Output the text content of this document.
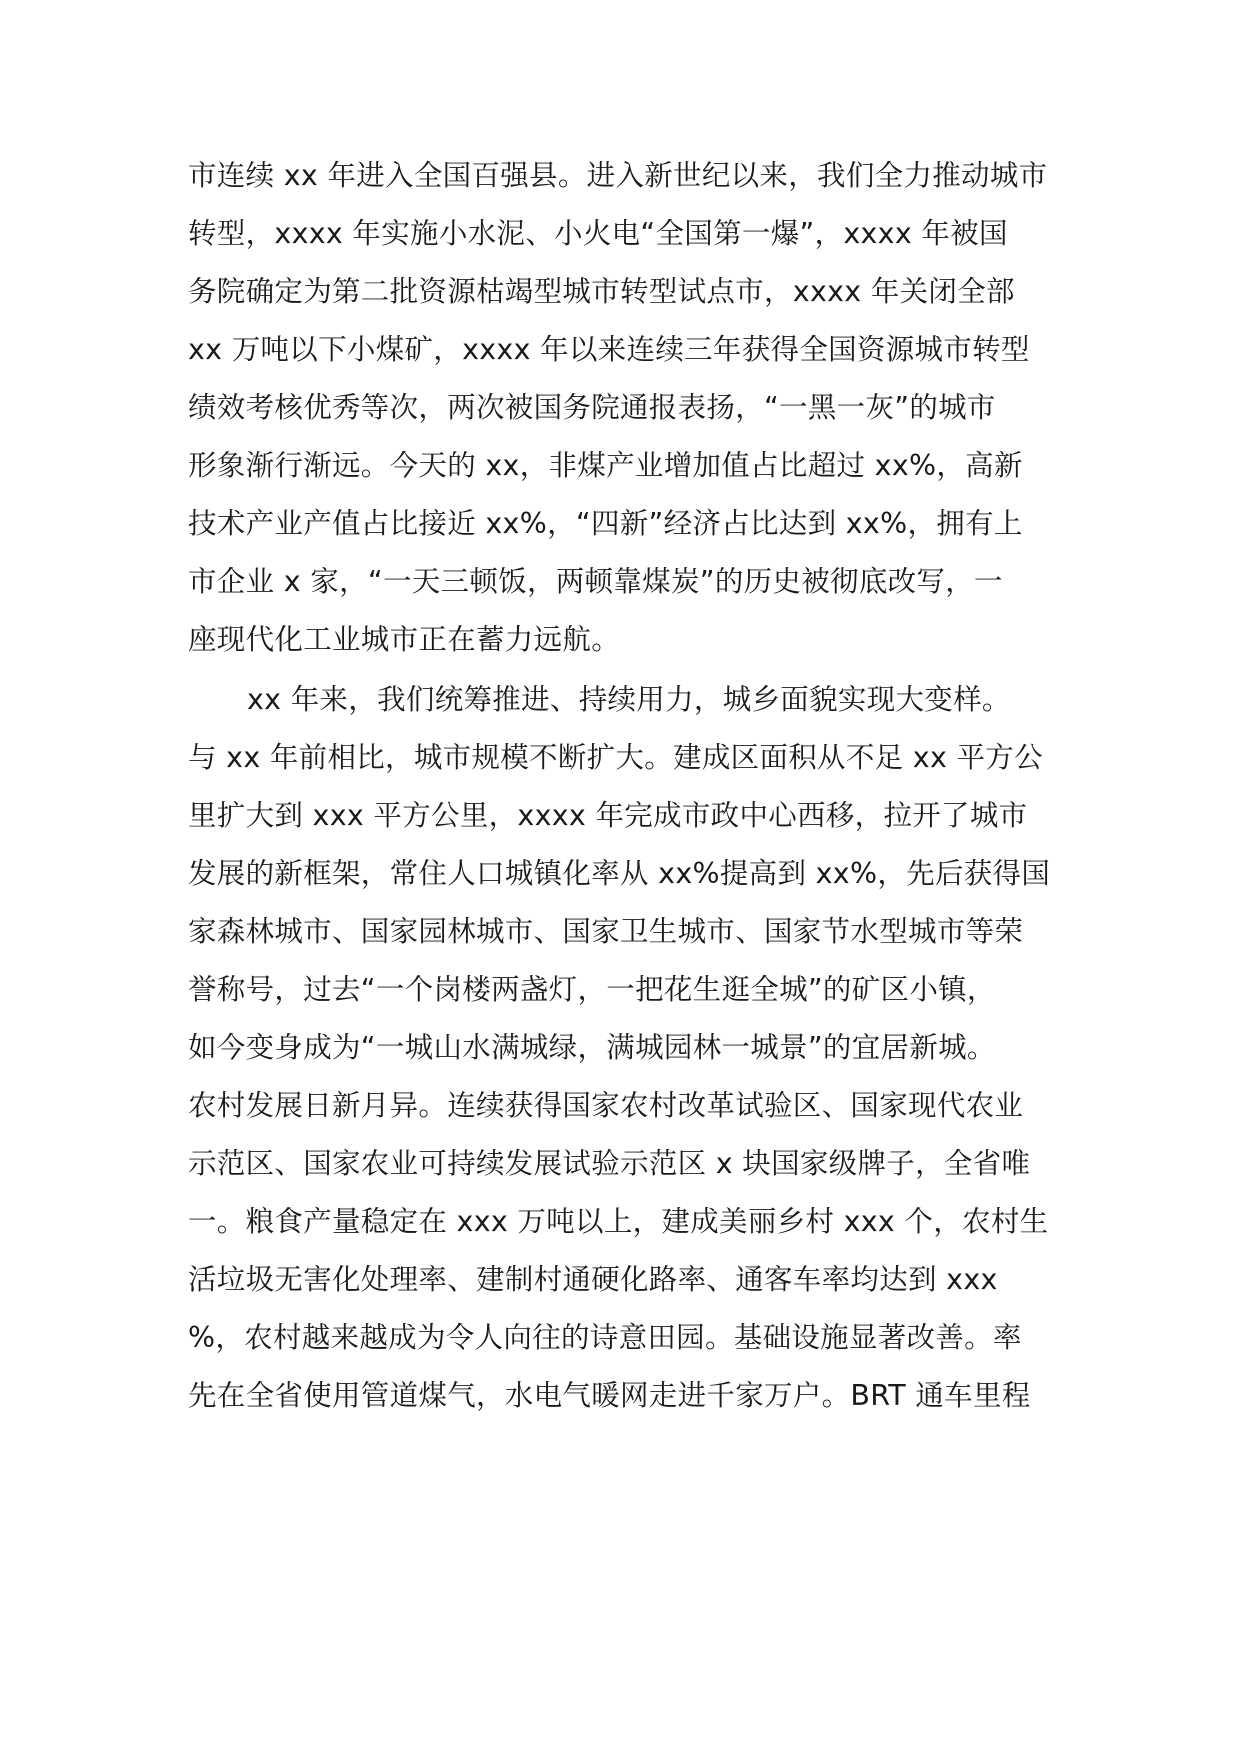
市连续 xx 年进入全国百强县。进入新世纪以来，我们全力推动城市
转型，xxxx 年实施小水泥、小火电“全国第一爆”，xxxx 年被国
务院确定为第二批资源枯竭型城市转型试点市，xxxx 年关闭全部
xx 万吨以下小煤矿，xxxx 年以来连续三年获得全国资源城市转型
绩效考核优秀等次，两次被国务院通报表扬，“一黑一灰”的城市
形象渐行渐远。今天的 xx，非煤产业增加值占比超过 xx%，高新
技术产业产值占比接近 xx%，“四新”经济占比达到 xx%，拥有上
市企业 x 家，“一天三顿饭，两顿靠煤炭”的历史被彻底改写，一
座现代化工业城市正在蓄力远航。
xx 年来，我们统筹推进、持续用力，城乡面貌实现大变样。
与 xx 年前相比，城市规模不断扩大。建成区面积从不足 xx 平方公
里扩大到 xxx 平方公里，xxxx 年完成市政中心西移，拉开了城市
发展的新框架，常住人口城镇化率从 xx%提高到 xx%，先后获得国
家森林城市、国家园林城市、国家卫生城市、国家节水型城市等荣
誉称号，过去“一个岗楼两盏灯，一把花生逛全城”的矿区小镇，
如今变身成为“一城山水满城绿，满城园林一城景”的宜居新城。
农村发展日新月异。连续获得国家农村改革试验区、国家现代农业
示范区、国家农业可持续发展试验示范区 x 块国家级牌子，全省唯
一。粮食产量稳定在 xxx 万吨以上，建成美丽乡村 xxx 个，农村生
活垃圾无害化处理率、建制村通硬化路率、通客车率均达到 xxx
%，农村越来越成为令人向往的诗意田园。基础设施显著改善。率
先在全省使用管道煤气，水电气暖网走进千家万户。BRT 通车里程
